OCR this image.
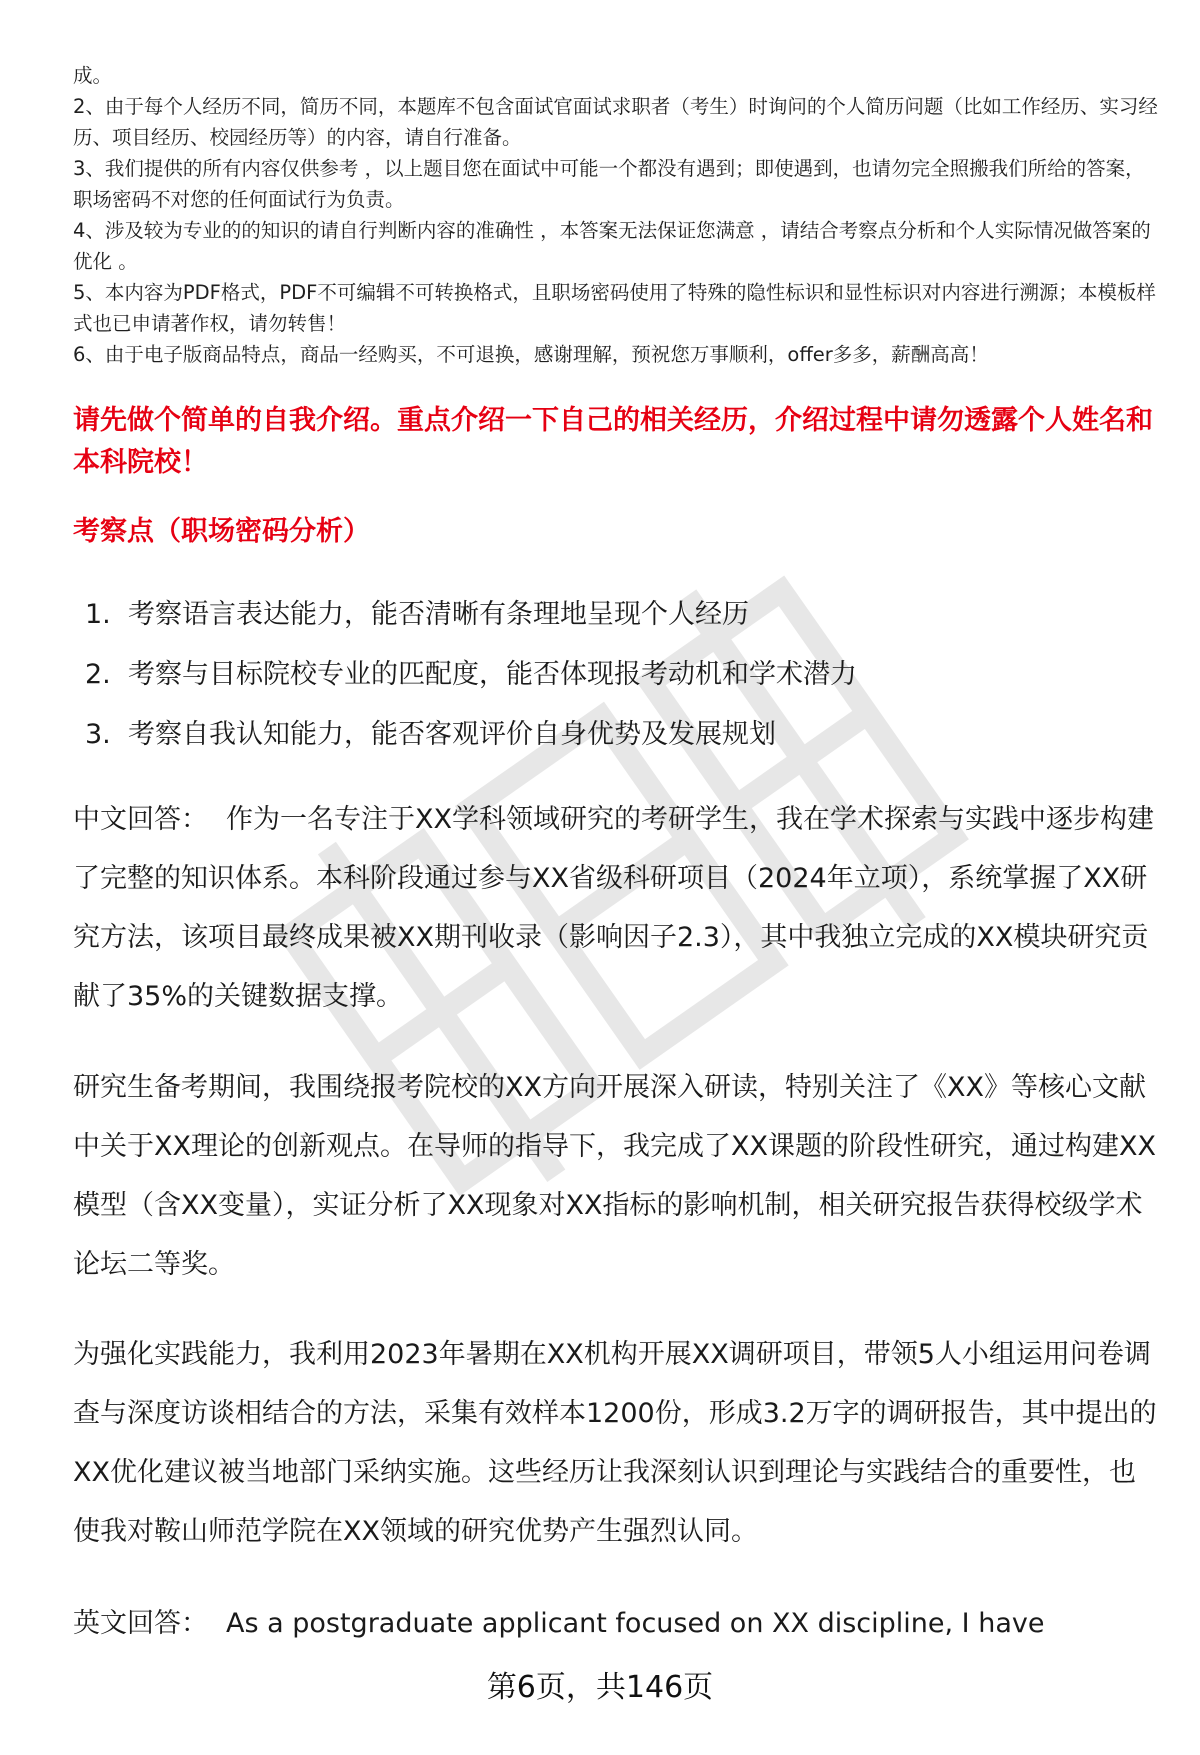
成。

2、由于每个人经历不同，简历不同，本题库不包含面试官面试求职者（考生）时询问的个人简历问题（比如工作经历、实习经历、项目经历、校园经历等）的内容，请自行准备。

3、我们提供的所有内容仅供参考 ，以上题目您在面试中可能一个都没有遇到；即使遇到，也请勿完全照搬我们所给的答案，职场密码不对您的任何面试行为负责。

4、涉及较为专业的的知识的请自行判断内容的准确性 ，本答案无法保证您满意 ，请结合考察点分析和个人实际情况做答案的优化 。

5、本内容为PDF格式，PDF不可编辑不可转换格式，且职场密码使用了特殊的隐性标识和显性标识对内容进行溯源；本模板样式也已申请著作权，请勿转售！

6、由于电子版商品特点，商品一经购买，不可退换，感谢理解，预祝您万事顺利，offer多多，薪酬高高！

请先做个简单的自我介绍。重点介绍一下自己的相关经历，介绍过程中请勿透露个人姓名和本科院校！
考察点（职场密码分析）
1. 考察语言表达能力，能否清晰有条理地呈现个人经历
2. 考察与目标院校专业的匹配度，能否体现报考动机和学术潜力
3. 考察自我认知能力，能否客观评价自身优势及发展规划

中文回答： 作为一名专注于XX学科领域研究的考研学生，我在学术探索与实践中逐步构建了完整的知识体系。本科阶段通过参与XX省级科研项目（2024年立项），系统掌握了XX研究方法，该项目最终成果被XX期刊收录（影响因子2.3），其中我独立完成的XX模块研究贡献了35%的关键数据支撑。

研究生备考期间，我围绕报考院校的XX方向开展深入研读，特别关注了《XX》等核心文献中关于XX理论的创新观点。在导师的指导下，我完成了XX课题的阶段性研究，通过构建XX模型（含XX变量），实证分析了XX现象对XX指标的影响机制，相关研究报告获得校级学术论坛二等奖。

为强化实践能力，我利用2023年暑期在XX机构开展XX调研项目，带领5人小组运用问卷调查与深度访谈相结合的方法，采集有效样本1200份，形成3.2万字的调研报告，其中提出的XX优化建议被当地部门采纳实施。这些经历让我深刻认识到理论与实践结合的重要性，也使我对鞍山师范学院在XX领域的研究优势产生强烈认同。

英文回答： As a postgraduate applicant focused on XX discipline, I have

第6页，共146页
